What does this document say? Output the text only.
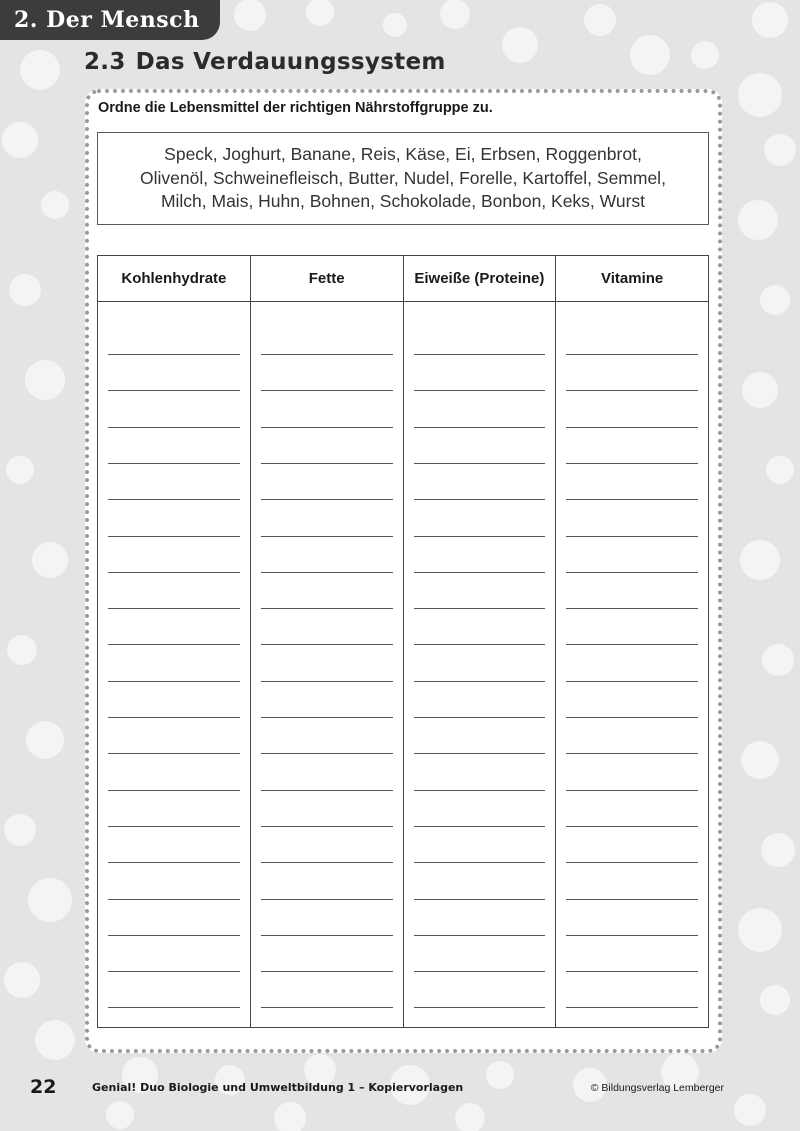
2. Der Mensch
2.3 Das Verdauungssystem
Ordne die Lebensmittel der richtigen Nährstoffgruppe zu.
Speck, Joghurt, Banane, Reis, Käse, Ei, Erbsen, Roggenbrot, Olivenöl, Schweinefleisch, Butter, Nudel, Forelle, Kartoffel, Semmel, Milch, Mais, Huhn, Bohnen, Schokolade, Bonbon, Keks, Wurst
Kohlenhydrate	Fette	Eiweiße (Proteine)	Vitamine
22	Genial! Duo Biologie und Umweltbildung 1 – Kopiervorlagen	© Bildungsverlag Lemberger
